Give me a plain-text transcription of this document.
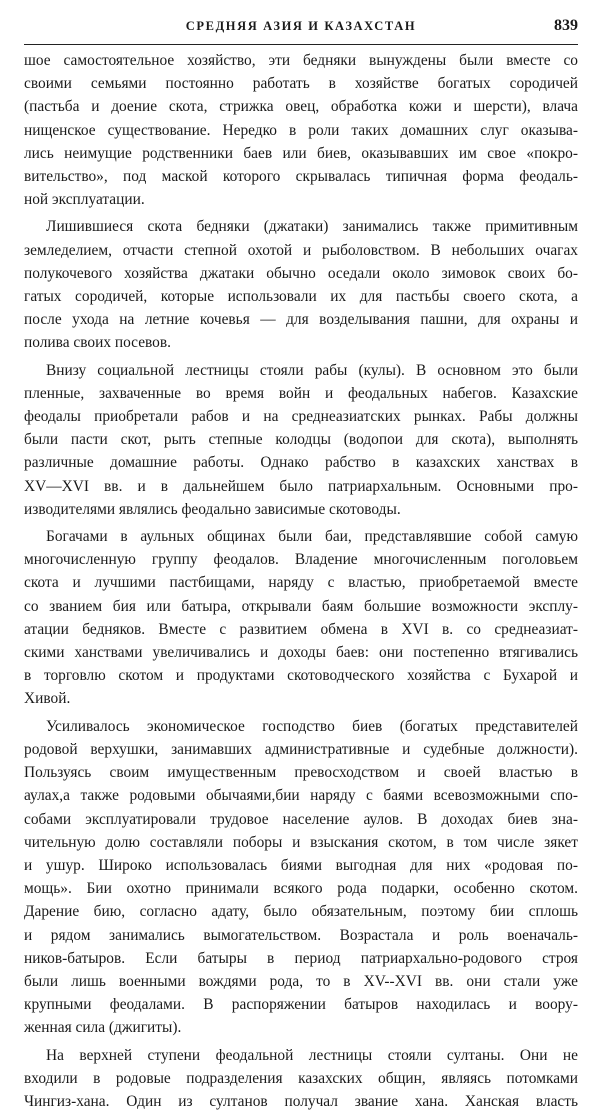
СРЕДНЯЯ АЗИЯ И КАЗАХСТАН	839

шое самостоятельное хозяйство, эти бедняки вынуждены были вместе со

своими семьями постоянно работать в хозяйстве богатых сородичей

(пастьба и доение скота, стрижка овец, обработка кожи и шерсти), влача

нищенское существование. Нередко в роли таких домашних слуг оказыва-

лись неимущие родственники баев или биев, оказывавших им свое «покро-

вительство», под маской которого скрывалась типичная форма феодаль-

ной эксплуатации.

Лишившиеся скота бедняки (джатаки) занимались также примитивным

земледелием, отчасти степной охотой и рыболовством. В небольших очагах

полукочевого хозяйства джатаки обычно оседали около зимовок своих бо-

гатых сородичей, которые использовали их для пастьбы своего скота, а

после ухода на летние кочевья — для возделывания пашни, для охраны и

полива своих посевов.

Внизу социальной лестницы стояли рабы (кулы). В основном это были

пленные, захваченные во время войн и феодальных набегов. Казахские

феодалы приобретали рабов и на среднеазиатских рынках. Рабы должны

были пасти скот, рыть степные колодцы (водопои для скота), выполнять

различные домашние работы. Однако рабство в казахских ханствах в

XV—XVI вв. и в дальнейшем было патриархальным. Основными про-

изводителями являлись феодально зависимые скотоводы.

Богачами в аульных общинах были баи, представлявшие собой самую

многочисленную группу феодалов. Владение многочисленным поголовьем

скота и лучшими пастбищами, наряду с властью, приобретаемой вместе

со званием бия или батыра, открывали баям большие возможности эксплу-

атации бедняков. Вместе с развитием обмена в XVI в. со среднеазиат-

скими ханствами увеличивались и доходы баев: они постепенно втягивались

в торговлю скотом и продуктами скотоводческого хозяйства с Бухарой и

Хивой.

Усиливалось экономическое господство биев (богатых представителей

родовой верхушки, занимавших административные и судебные должности).

Пользуясь своим имущественным превосходством и своей властью в

аулах,а также родовыми обычаями,бии наряду с баями всевозможными спо-

собами эксплуатировали трудовое население аулов. В доходах биев зна-

чительную долю составляли поборы и взыскания скотом, в том числе зякет

и ушур. Широко использовалась биями выгодная для них «родовая по-

мощь». Бии охотно принимали всякого рода подарки, особенно скотом.

Дарение бию, согласно адату, было обязательным, поэтому бии сплошь

и рядом занимались вымогательством. Возрастала и роль военачаль-

ников-батыров. Если батыры в период патриархально-родового строя

были лишь военными вождями рода, то в XV--XVI вв. они стали уже

крупными феодалами. В распоряжении батыров находилась и воору-

женная сила (джигиты).

На верхней ступени феодальной лестницы стояли султаны. Они не

входили в родовые подразделения казахских общин, являясь потомками

Чингиз-хана. Один из султанов получал звание хана. Ханская власть
